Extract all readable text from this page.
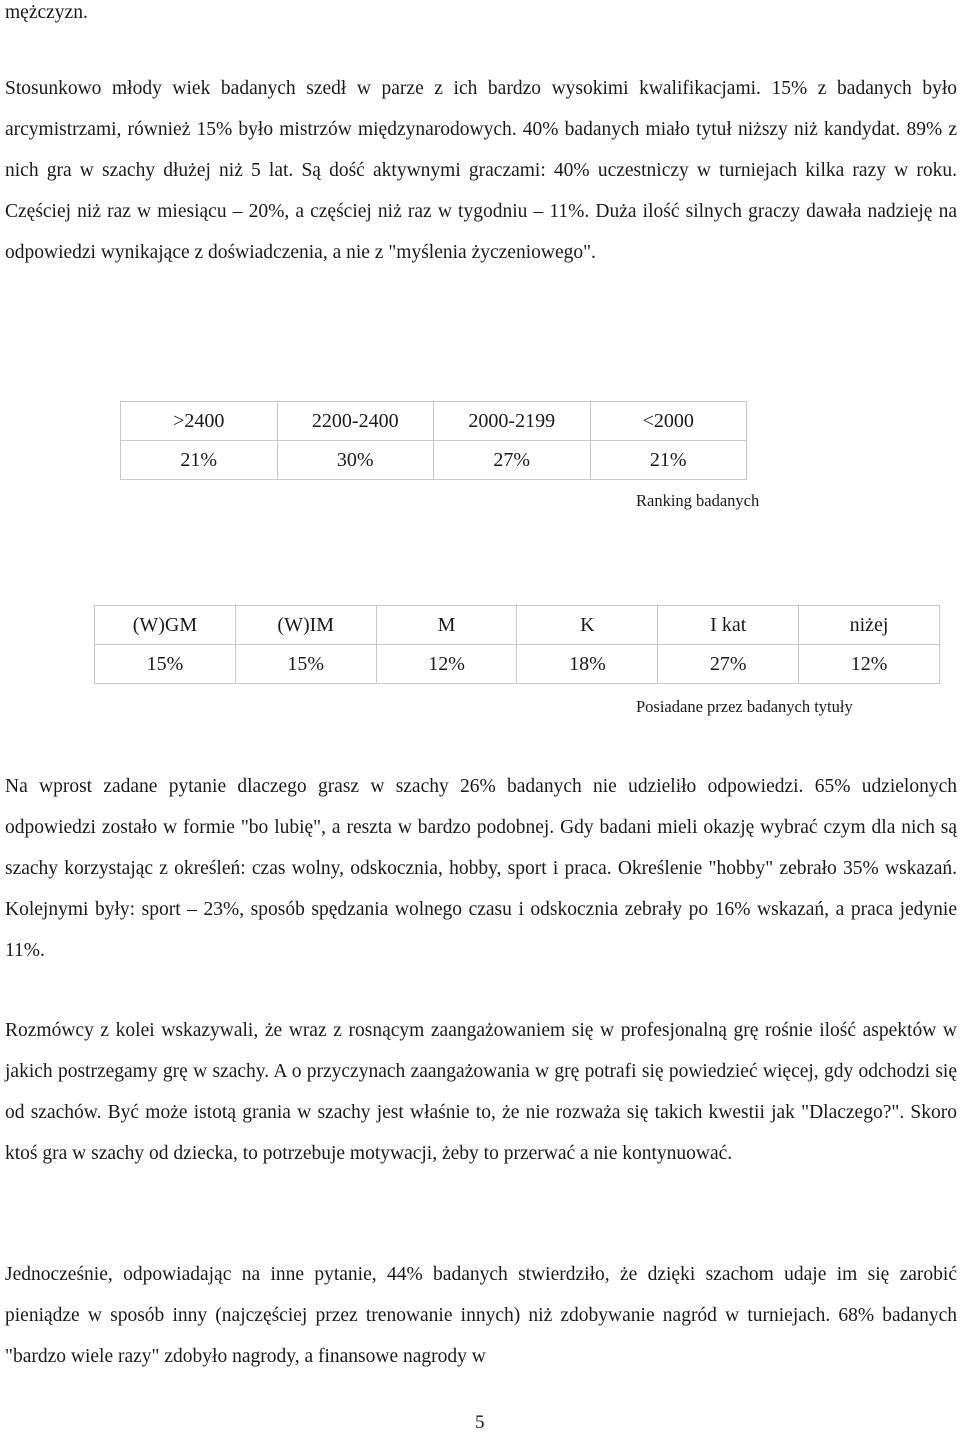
mężczyzn.

Stosunkowo młody wiek badanych szedł w parze z ich bardzo wysokimi kwalifikacjami. 15% z badanych było arcymistrzami, również 15% było mistrzów międzynarodowych. 40% badanych miało tytuł niższy niż kandydat. 89% z nich gra w szachy dłużej niż 5 lat. Są dość aktywnymi graczami: 40% uczestniczy w turniejach kilka razy w roku. Częściej niż raz w miesiącu – 20%, a częściej niż raz w tygodniu – 11%. Duża ilość silnych graczy dawała nadzieję na odpowiedzi wynikające z doświadczenia, a nie z "myślenia życzeniowego".

>2400	2200-2400	2000-2199	<2000
21%	30%	27%	21%
Ranking badanych
(W)GM	(W)IM	M	K	I kat	niżej
15%	15%	12%	18%	27%	12%
Posiadane przez badanych tytuły

Na wprost zadane pytanie dlaczego grasz w szachy 26% badanych nie udzieliło odpowiedzi. 65% udzielonych odpowiedzi zostało w formie "bo lubię", a reszta w bardzo podobnej. Gdy badani mieli okazję wybrać czym dla nich są szachy korzystając z określeń: czas wolny, odskocznia, hobby, sport i praca. Określenie "hobby" zebrało 35% wskazań. Kolejnymi były: sport – 23%, sposób spędzania wolnego czasu i odskocznia zebrały po 16% wskazań, a praca jedynie 11%.

Rozmówcy z kolei wskazywali, że wraz z rosnącym zaangażowaniem się w profesjonalną grę rośnie ilość aspektów w jakich postrzegamy grę w szachy. A o przyczynach zaangażowania w grę potrafi się powiedzieć więcej, gdy odchodzi się od szachów. Być może istotą grania w szachy jest właśnie to, że nie rozważa się takich kwestii jak "Dlaczego?". Skoro ktoś gra w szachy od dziecka, to potrzebuje motywacji, żeby to przerwać a nie kontynuować.

Jednocześnie, odpowiadając na inne pytanie, 44% badanych stwierdziło, że dzięki szachom udaje im się zarobić pieniądze w sposób inny (najczęściej przez trenowanie innych) niż zdobywanie nagród w turniejach. 68% badanych "bardzo wiele razy" zdobyło nagrody, a finansowe nagrody w

5
